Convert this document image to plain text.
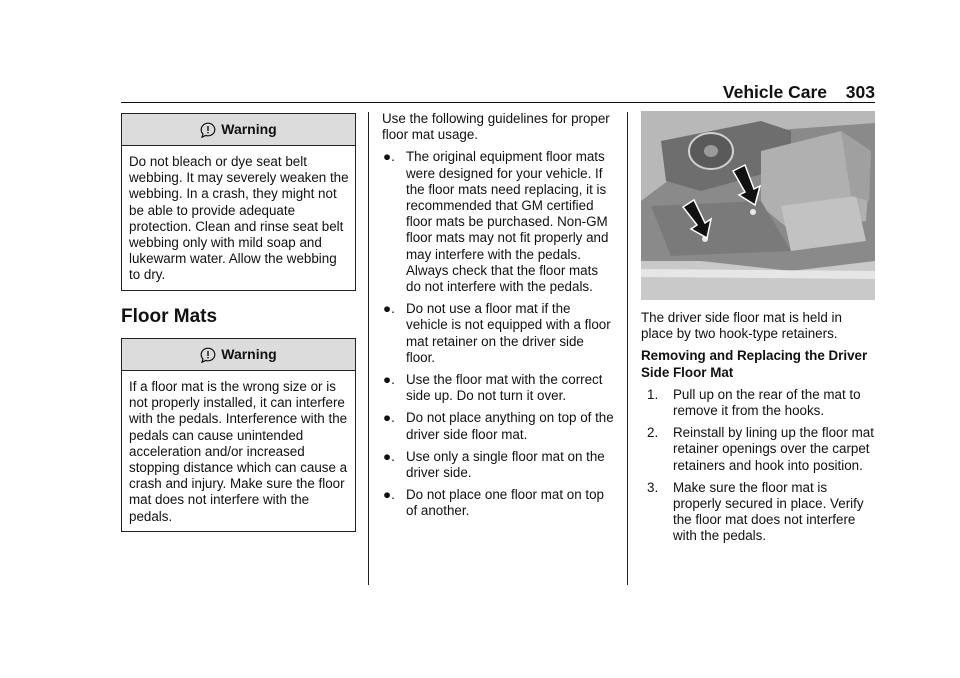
Vehicle Care 303
Warning

Do not bleach or dye seat belt webbing. It may severely weaken the webbing. In a crash, they might not be able to provide adequate protection. Clean and rinse seat belt webbing only with mild soap and lukewarm water. Allow the webbing to dry.

Floor Mats
Warning

If a floor mat is the wrong size or is not properly installed, it can interfere with the pedals. Interference with the pedals can cause unintended acceleration and/or increased stopping distance which can cause a crash and injury. Make sure the floor mat does not interfere with the pedals.

Use the following guidelines for proper floor mat usage.

●. The original equipment floor mats were designed for your vehicle. If the floor mats need replacing, it is recommended that GM certified floor mats be purchased. Non-GM floor mats may not fit properly and may interfere with the pedals. Always check that the floor mats do not interfere with the pedals.
●. Do not use a floor mat if the vehicle is not equipped with a floor mat retainer on the driver side floor.
●. Use the floor mat with the correct side up. Do not turn it over.
●. Do not place anything on top of the driver side floor mat.
●. Use only a single floor mat on the driver side.
●. Do not place one floor mat on top of another.

The driver side floor mat is held in place by two hook-type retainers.

Removing and Replacing the Driver Side Floor Mat

1. Pull up on the rear of the mat to remove it from the hooks.
2. Reinstall by lining up the floor mat retainer openings over the carpet retainers and hook into position.
3. Make sure the floor mat is properly secured in place. Verify the floor mat does not interfere with the pedals.
